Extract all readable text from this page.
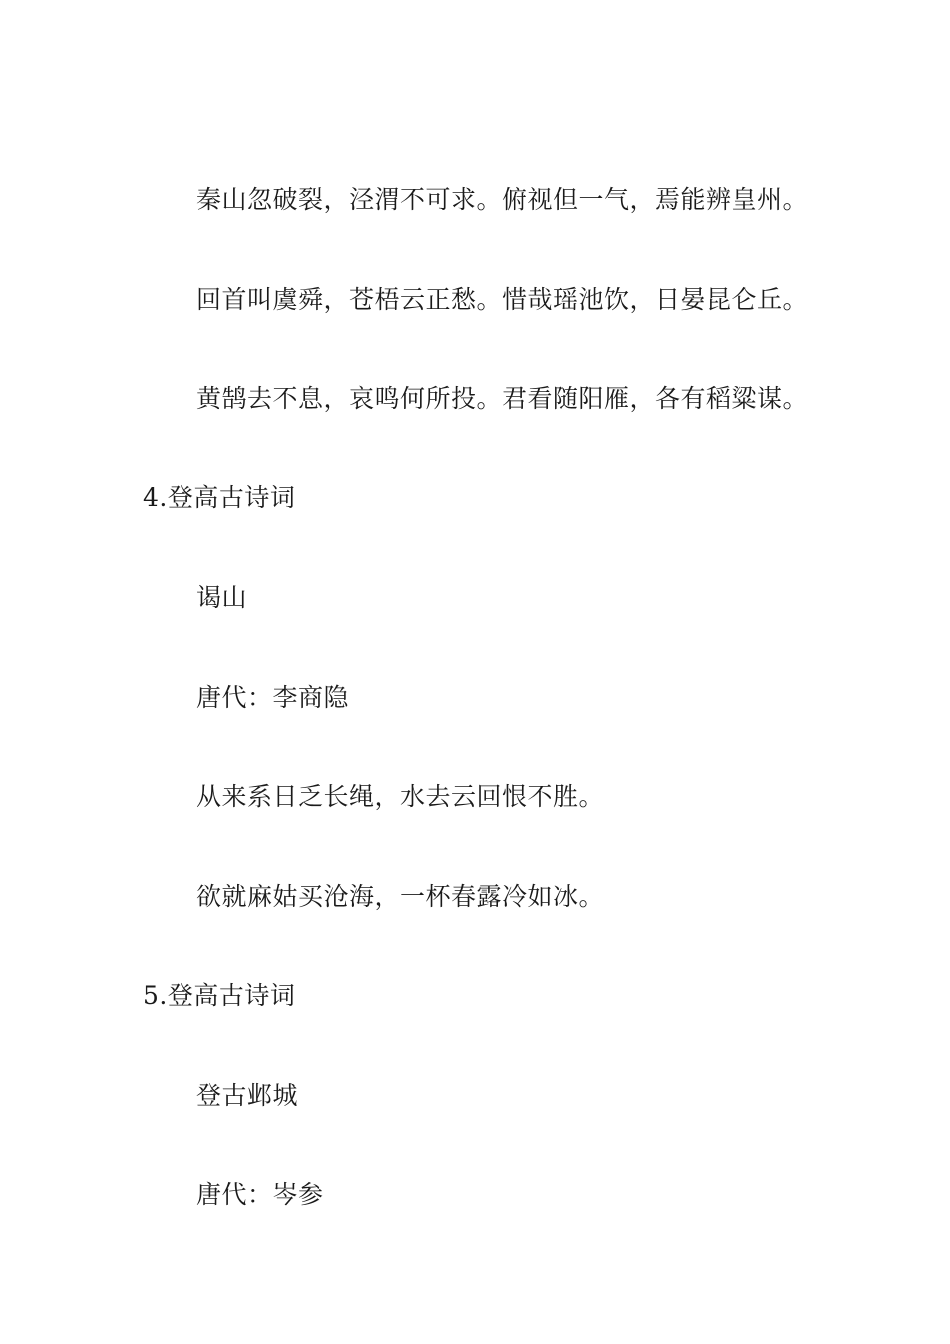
秦山忽破裂，泾渭不可求。俯视但一气，焉能辨皇州。
回首叫虞舜，苍梧云正愁。惜哉瑶池饮，日晏昆仑丘。
黄鹄去不息，哀鸣何所投。君看随阳雁，各有稻粱谋。
4.登高古诗词
谒山
唐代：李商隐
从来系日乏长绳，水去云回恨不胜。
欲就麻姑买沧海，一杯春露冷如冰。
5.登高古诗词
登古邺城
唐代：岑参
